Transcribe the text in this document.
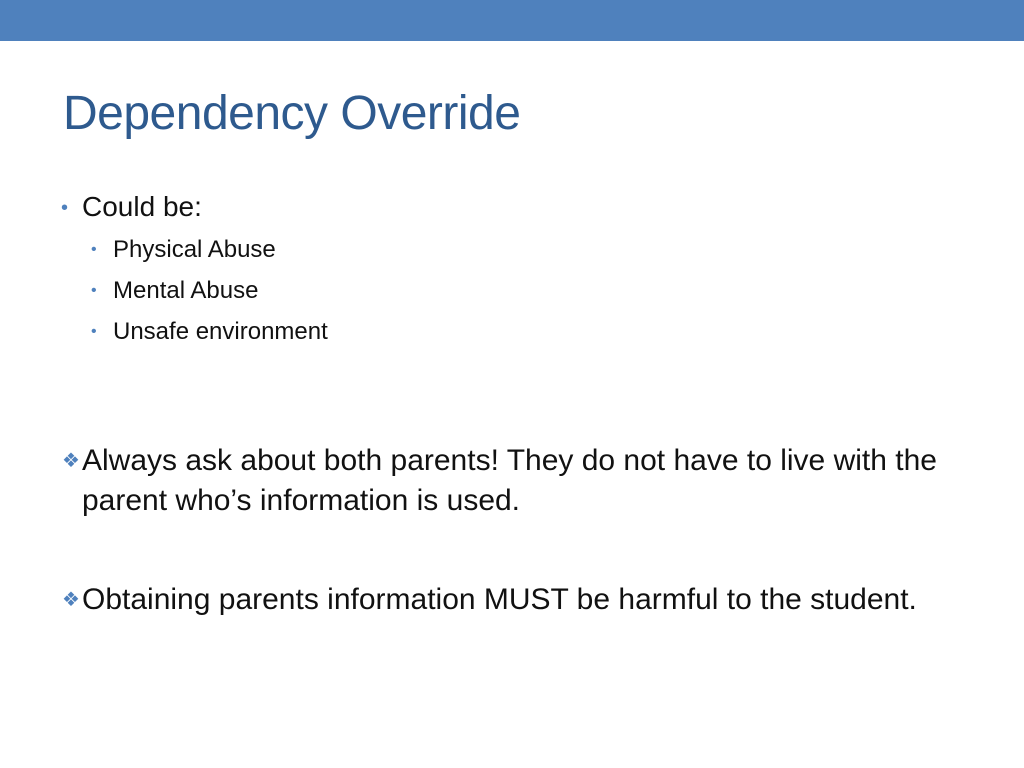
Dependency Override
• Could be:
• Physical Abuse
• Mental Abuse
• Unsafe environment
❖Always ask about both parents! They do not have to live with the parent who’s information is used.
❖Obtaining parents information MUST be harmful to the student.
